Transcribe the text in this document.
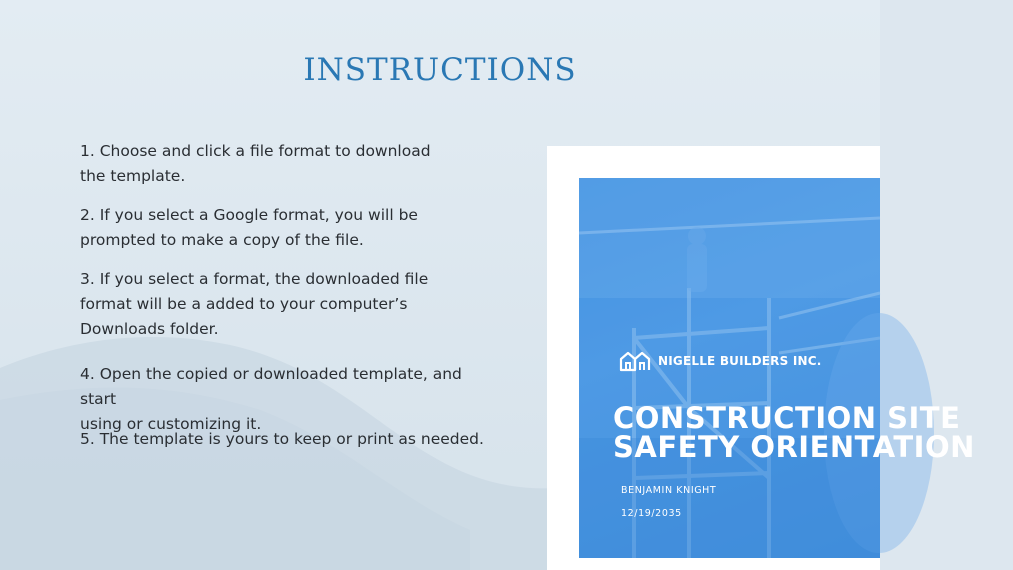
INSTRUCTIONS
1. Choose and click a file format to download
the template.
2. If you select a Google format, you will be
prompted to make a copy of the file.
3. If you select a format, the downloaded file
format will be a added to your computer’s
Downloads folder.
4. Open the copied or downloaded template, and start
using or customizing it.
5. The template is yours to keep or print as needed.
NIGELLE BUILDERS INC.
CONSTRUCTION SITE
SAFETY ORIENTATION
BENJAMIN KNIGHT
12/19/2035
